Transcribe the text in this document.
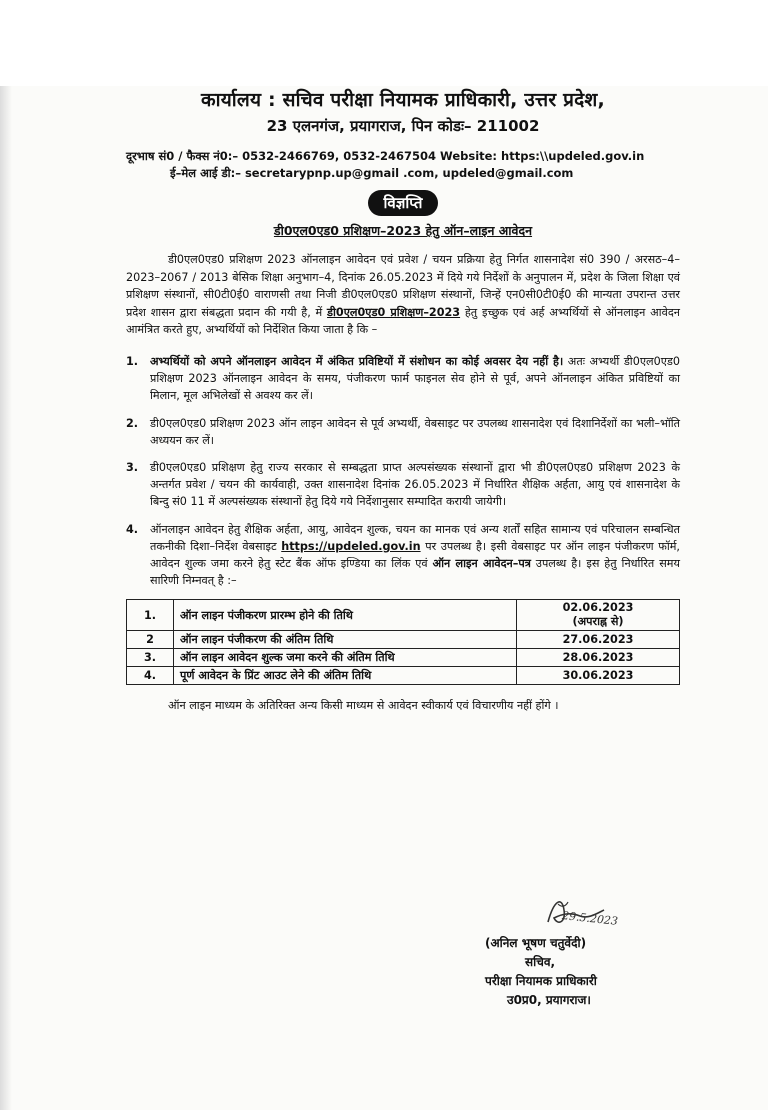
कार्यालय : सचिव परीक्षा नियामक प्राधिकारी, उत्तर प्रदेश,
23 एलनगंज, प्रयागराज, पिन कोडः– 211002
दूरभाष सं0 / फैक्स नं0:– 0532-2466769, 0532-2467504 Website: https:\\updeled.gov.in
ई–मेल आई डी:– secretarypnp.up@gmail .com, updeled@gmail.com
विज्ञप्ति
डी0एल0एड0 प्रशिक्षण–2023 हेतु ऑन–लाइन आवेदन

डी0एल0एड0 प्रशिक्षण 2023 ऑनलाइन आवेदन एवं प्रवेश / चयन प्रक्रिया हेतु निर्गत शासनादेश सं0 390 / अरसठ–4–2023–2067 / 2013 बेसिक शिक्षा अनुभाग–4, दिनांक 26.05.2023 में दिये गये निर्देशों के अनुपालन में, प्रदेश के जिला शिक्षा एवं प्रशिक्षण संस्थानों, सी0टी0ई0 वाराणसी तथा निजी डी0एल0एड0 प्रशिक्षण संस्थानों, जिन्हें एन0सी0टी0ई0 की मान्यता उपरान्त उत्तर प्रदेश शासन द्वारा संबद्धता प्रदान की गयी है, में डी0एल0एड0 प्रशिक्षण–2023 हेतु इच्छुक एवं अर्ह अभ्यर्थियों से ऑनलाइन आवेदन आमंत्रित करते हुए, अभ्यर्थियों को निर्देशित किया जाता है कि –

1. अभ्यर्थियों को अपने ऑनलाइन आवेदन में अंकित प्रविष्टियों में संशोधन का कोई अवसर देय नहीं है। अतः अभ्यर्थी डी0एल0एड0 प्रशिक्षण 2023 ऑनलाइन आवेदन के समय, पंजीकरण फार्म फाइनल सेव होने से पूर्व, अपने ऑनलाइन अंकित प्रविष्टियों का मिलान, मूल अभिलेखों से अवश्य कर लें।
2. डी0एल0एड0 प्रशिक्षण 2023 ऑन लाइन आवेदन से पूर्व अभ्यर्थी, वेबसाइट पर उपलब्ध शासनादेश एवं दिशानिर्देशों का भली–भॉति अध्ययन कर लें।
3. डी0एल0एड0 प्रशिक्षण हेतु राज्य सरकार से सम्बद्धता प्राप्त अल्पसंख्यक संस्थानों द्वारा भी डी0एल0एड0 प्रशिक्षण 2023 के अन्तर्गत प्रवेश / चयन की कार्यवाही, उक्त शासनादेश दिनांक 26.05.2023 में निर्धारित शैक्षिक अर्हता, आयु एवं शासनादेश के बिन्दु सं0 11 में अल्पसंख्यक संस्थानों हेतु दिये गये निर्देशानुसार सम्पादित करायी जायेगी।
4. ऑनलाइन आवेदन हेतु शैक्षिक अर्हता, आयु, आवेदन शुल्क, चयन का मानक एवं अन्य शर्तों सहित सामान्य एवं परिचालन सम्बन्धित तकनीकी दिशा–निर्देश वेबसाइट https://updeled.gov.in पर उपलब्ध है। इसी वेबसाइट पर ऑन लाइन पंजीकरण फॉर्म, आवेदन शुल्क जमा करने हेतु स्टेट बैंक ऑफ इण्डिया का लिंक एवं ऑन लाइन आवेदन–पत्र उपलब्ध है। इस हेतु निर्धारित समय सारिणी निम्नवत् है :–
1.	ऑन लाइन पंजीकरण प्रारम्भ होने की तिथि	02.06.2023
(अपराह्न से)

2	ऑन लाइन पंजीकरण की अंतिम तिथि	27.06.2023
3.	ऑन लाइन आवेदन शुल्क जमा करने की अंतिम तिथि	28.06.2023
4.	पूर्ण आवेदन के प्रिंट आउट लेने की अंतिम तिथि	30.06.2023

ऑन लाइन माध्यम के अतिरिक्त अन्य किसी माध्यम से आवेदन स्वीकार्य एवं विचारणीय नहीं होंगे ।

29.5.2023
(अनिल भूषण चतुर्वेदी)
सचिव,
परीक्षा नियामक प्राधिकारी
उ0प्र0, प्रयागराज।
